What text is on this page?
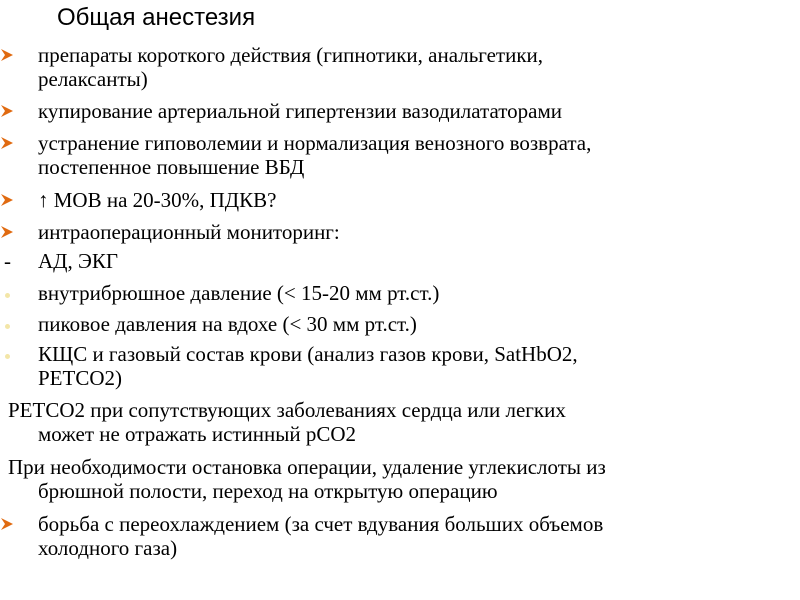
Общая анестезия
препараты короткого действия (гипнотики, анальгетики,
релаксанты)
купирование артериальной гипертензии вазодилататорами
устранение гиповолемии и нормализация венозного возврата,
постепенное повышение ВБД
↑ МОВ на 20-30%, ПДКВ?
интраоперационный мониторинг:
- АД, ЭКГ
внутрибрюшное давление (< 15-20 мм рт.ст.)
пиковое давления на вдохе (< 30 мм рт.ст.)
КЩС и газовый состав крови (анализ газов крови, SatHbO2,
PETCO2)
PETCO2 при сопутствующих заболеваниях сердца или легких
может не отражать истинный pCO2
При необходимости остановка операции, удаление углекислоты из
брюшной полости, переход на открытую операцию
борьба с переохлаждением (за счет вдувания больших объемов
холодного газа)
